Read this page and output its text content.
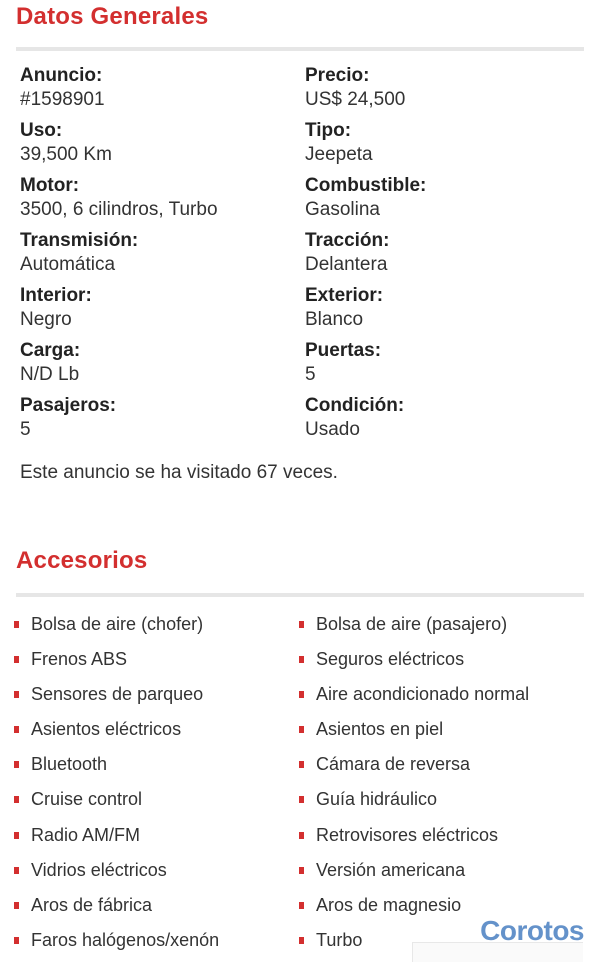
Datos Generales
Anuncio:
#1598901
Precio:
US$ 24,500
Uso:
39,500 Km
Tipo:
Jeepeta
Motor:
3500, 6 cilindros, Turbo
Combustible:
Gasolina
Transmisión:
Automática
Tracción:
Delantera
Interior:
Negro
Exterior:
Blanco
Carga:
N/D Lb
Puertas:
5
Pasajeros:
5
Condición:
Usado
Este anuncio se ha visitado 67 veces.
Accesorios
Bolsa de aire (chofer)	Bolsa de aire (pasajero)
Frenos ABS	Seguros eléctricos
Sensores de parqueo	Aire acondicionado normal
Asientos eléctricos	Asientos en piel
Bluetooth	Cámara de reversa
Cruise control	Guía hidráulico
Radio AM/FM	Retrovisores eléctricos
Vidrios eléctricos	Versión americana
Aros de fábrica	Aros de magnesio
Faros halógenos/xenón	Turbo	Corotos
